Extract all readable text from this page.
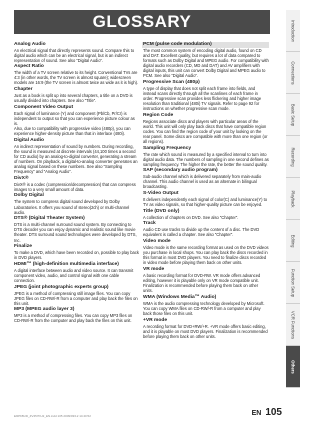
GLOSSARY
Analog Audio
An electrical signal that directly represents sound. Compare this to digital audio which can be an electrical signal, but is an indirect representation of sound. See also “Digital Audio”.
Aspect Ratio
The width of a TV screen relative to its height. Conventional TVs are 4:3 (in other words, the TV screen is almost square); widescreen models are 16:9 (the TV screen is almost twice as wide as it is high).
Chapter
Just as a book is split up into several chapters, a title on a DVD is usually divided into chapters. See also “Title”.
Component Video Output
Each signal of luminance (Y) and component (Pb/Cb, Pr/Cr) is independent to output so that you can experience picture colour as is.
Also, due to compatibility with progressive video (480p), you can experience higher-density picture than that in interlace (480i).
Digital Audio
An indirect representation of sound by numbers. During recording, the sound is measured at discrete intervals (44,100 times a second for CD audio) by an analog-to-digital converter, generating a stream of numbers. On playback, a digital-to-analog converter generates an analog signal based on these numbers. See also “Sampling Frequency” and “Analog Audio”.
DivX®
DivX® is a codec (compression/decompression) that can compress images to a very small amount of data.
Dolby Digital
The system to compress digital sound developed by Dolby Laboratories. It offers you sound of stereo(2ch) or multi-channel audio.
DTS® (Digital Theater System)
DTS is a multi-channel surround sound system. By connecting to DTS decoder you can enjoy dynamic and realistic sound like movie theater. DTS surround sound technologies were developed by DTS, Inc.
Finalize
To make a DVD, which have been recorded on, possible to play back in DVD players.
HDMI™ (high-definition multimedia interface)
A digital interface between audio and video source. It can transmit component video, audio, and control signal with one cable connection.
JPEG (joint photographic experts group)
JPEG is a method of compressing still image files. You can copy JPEG files on CD-RW/-R from a computer and play back the files on this unit.
MP3 (MPEG audio layer 3)
MP3 is a method of compressing files. You can copy MP3 files on CD-RW/-R from the computer and play back the files on this unit.
PCM (pulse code modulation)
The most common system of encoding digital audio, found on CD and DAT. Excellent quality, but requires a lot of data compared to formats such as Dolby Digital and MPEG audio. For compatibility with digital audio recorders (CD, MD and DAT) and AV amplifiers with digital inputs, this unit can convert Dolby Digital and MPEG audio to PCM. See also “Digital Audio”.
Progressive Scan (480p)
A type of display that does not split each frame into fields, and instead scans directly through all the scanlines of each frame in order. Progressive scan provides less flickering and higher image resolution than traditional (480i) TV signals. Refer to page 92 for instructions on whether progressive scan mode.
Region Code
Regions associate discs and players with particular areas of the world. This unit will only play back discs that have compatible region codes. You can find the region code of your unit by looking on the rear panel. Some discs are compatible with more than one region (or all regions).
Sampling Frequency
The rate which sound is measured by a specified interval to turn into digital audio data. The numbers of sampling in one second defines as sampling frequency. The higher the rate, the better the sound quality.
SAP (secondary audio program)
Sub-audio channel which is delivered separately from main-audio channel. This audio channel is used as an alternate in bilingual broadcasting.
S-Video Output
It delivers independently each signal of color(C) and luminance(Y) to TV as video signals, so that higher-quality picture can be enjoyed.
Title (DVD only)
A collection of chapters on DVD. See also “Chapter”.
Track
Audio CD use tracks to divide up the content of a disc. The DVD equivalent is called a chapter. See also “Chapter”.
Video mode
Video mode is the same recording format as used on the DVD videos you purchase in local shops. You can play back the discs recorded in this format in most DVD players. You need to finalize discs recorded in video mode before playing them back on other units.
VR mode
A basic recording format for DVD-RW. VR mode offers advanced editing, however it is playable only on VR mode compatible unit. Finalization is recommended before playing them back on other units.
WMA (Windows Media™ Audio)
WMA is the audio compressing technology developed by Microsoft. You can copy WMA files on CD-RW/-R from a computer and play back those files on this unit.
+VR mode
A recording format for DVD+RW/+R. +VR mode offers basic editing, and it is playable on most DVD players. Finalization is recommended before playing them back on other units.
Introduction
Connections
Basic Setup
Recording
Playback
Editing
Function Setup
VCR Functions
Others
EN 105
E9PKBUD_ZV457KU2_EN.indd 105 2009/03/12 14:40:52
